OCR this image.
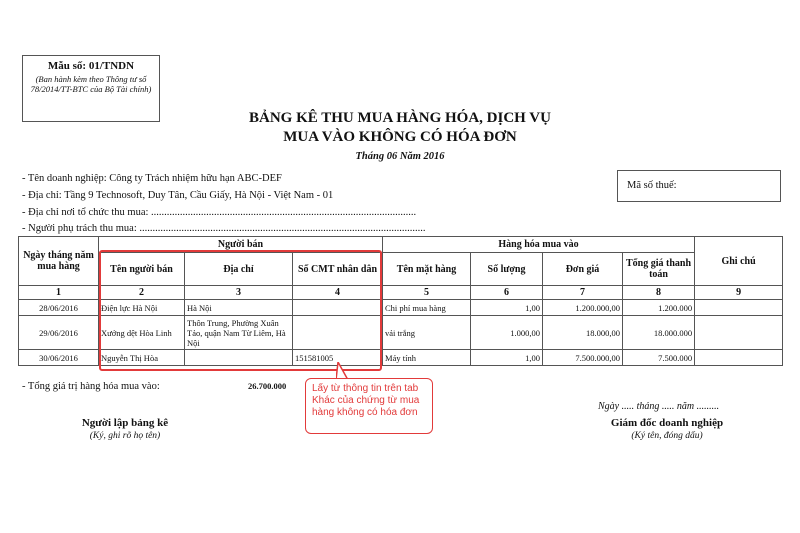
Mẫu số: 01/TNDN
(Ban hành kèm theo Thông tư số 78/2014/TT-BTC của Bộ Tài chính)
BẢNG KÊ THU MUA HÀNG HÓA, DỊCH VỤ
MUA VÀO KHÔNG CÓ HÓA ĐƠN
Tháng 06 Năm 2016
Mã số thuế:
- Tên doanh nghiệp: Công ty Trách nhiệm hữu hạn ABC-DEF
- Địa chỉ: Tầng 9 Technosoft, Duy Tân, Cầu Giấy, Hà Nội - Việt Nam - 01
- Địa chỉ nơi tổ chức thu mua: .....................................................................................................
- Người phụ trách thu mua: .............................................................................................................
Ngày tháng năm mua hàng	Người bán			Hàng hóa mua vào				Ghi chú
	Tên người bán	Địa chỉ	Số CMT nhân dân	Tên mặt hàng	Số lượng	Đơn giá	Tổng giá thanh toán	
1	2	3	4	5	6	7	8	9
28/06/2016	Điện lực Hà Nội	Hà Nội		Chi phí mua hàng	1,00	1.200.000,00	1.200.000	
29/06/2016	Xưởng dệt Hòa Linh	Thôn Trung, Phường Xuân Tảo, quận Nam Từ Liêm, Hà Nội		vải trắng	1.000,00	18.000,00	18.000.000	
30/06/2016	Nguyễn Thị Hòa		151581005	Máy tính	1,00	7.500.000,00	7.500.000	
Lấy từ thông tin trên tab Khác của chứng từ mua hàng không có hóa đơn
- Tổng giá trị hàng hóa mua vào:	26.700.000
Ngày ..... tháng ..... năm .........
Người lập bảng kê
(Ký, ghi rõ họ tên)
Giám đốc doanh nghiệp
(Ký tên, đóng dấu)
